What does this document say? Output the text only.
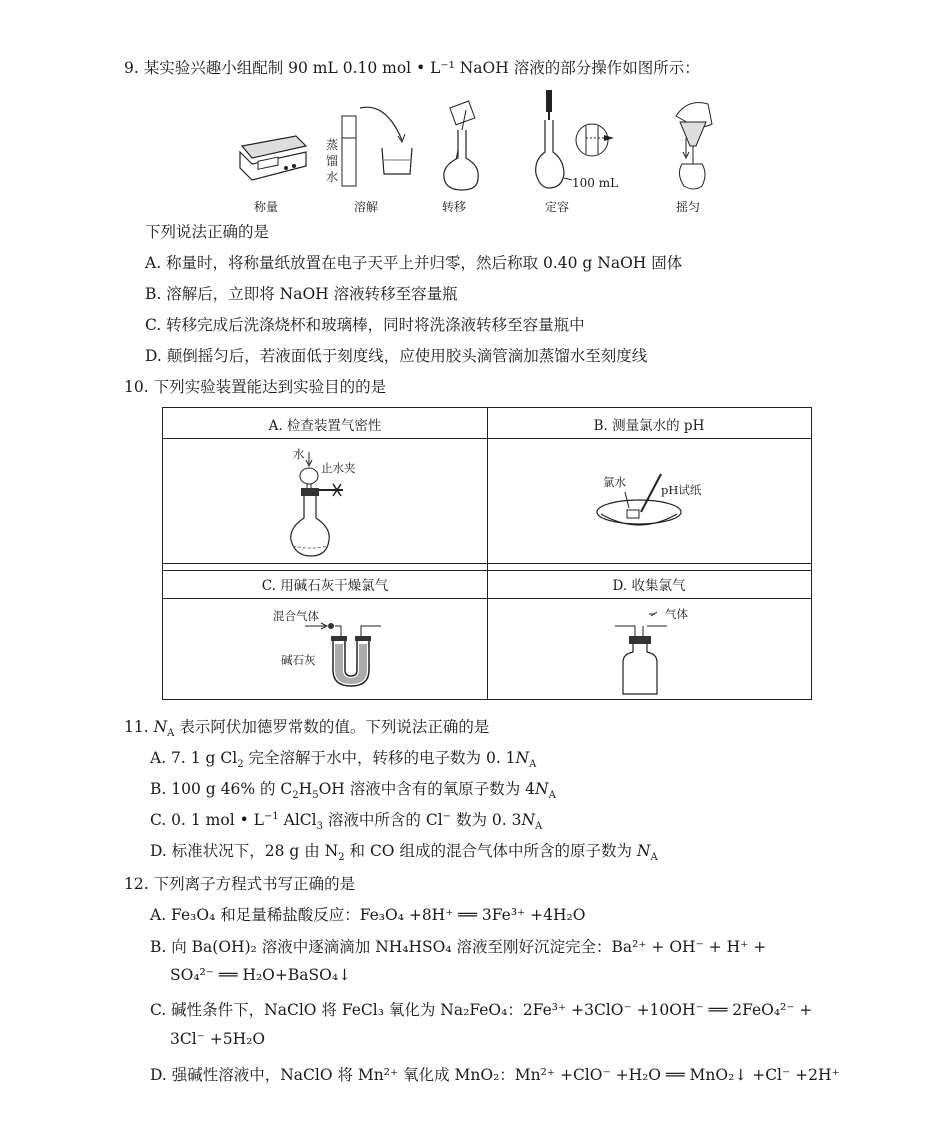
9. 某实验兴趣小组配制 90 mL 0.10 mol • L⁻¹ NaOH 溶液的部分操作如图所示：
蒸
馏
水	100 mL
称量	溶解	转移	定容	摇匀
下列说法正确的是
A. 称量时，将称量纸放置在电子天平上并归零，然后称取 0.40 g NaOH 固体
B. 溶解后，立即将 NaOH 溶液转移至容量瓶
C. 转移完成后洗涤烧杯和玻璃棒，同时将洗涤液转移至容量瓶中
D. 颠倒摇匀后，若液面低于刻度线，应使用胶头滴管滴加蒸馏水至刻度线
10. 下列实验装置能达到实验目的的是
A. 检查装置气密性	B. 测量氯水的 pH
C. 用碱石灰干燥氯气	D. 收集氯气
水
止水夹
氯水
pH试纸
混合气体
碱石灰
气体
11. $N_A$ 表示阿伏加德罗常数的值。下列说法正确的是
A. 7. 1 g $Cl_2$ 完全溶解于水中，转移的电子数为 0. $1N_A$
B. 100 g 46% 的 $C_2H_5OH$ 溶液中含有的氧原子数为 $4N_A$
C. 0. 1 mol • $L^{-1}$ AlCl$_3$ 溶液中所含的 Cl− 数为 0. $3N_A$
D. 标准状况下，28 g 由 $N_2$ 和 CO 组成的混合气体中所含的原子数为 $N_A$
12. 下列离子方程式书写正确的是
A. Fe₃O₄ 和足量稀盐酸反应：Fe₃O₄ +8H⁺ ══ 3Fe³⁺ +4H₂O
B. 向 Ba(OH)₂ 溶液中逐滴滴加 NH₄HSO₄ 溶液至刚好沉淀完全：Ba²⁺ + OH⁻ + H⁺ +
SO₄²⁻ ══ H₂O+BaSO₄↓
C. 碱性条件下，NaClO 将 FeCl₃ 氧化为 Na₂FeO₄：2Fe³⁺ +3ClO⁻ +10OH⁻ ══ 2FeO₄²⁻ +
3Cl⁻ +5H₂O
D. 强碱性溶液中，NaClO 将 Mn²⁺ 氧化成 MnO₂：Mn²⁺ +ClO⁻ +H₂O ══ MnO₂↓ +Cl⁻ +2H⁺
